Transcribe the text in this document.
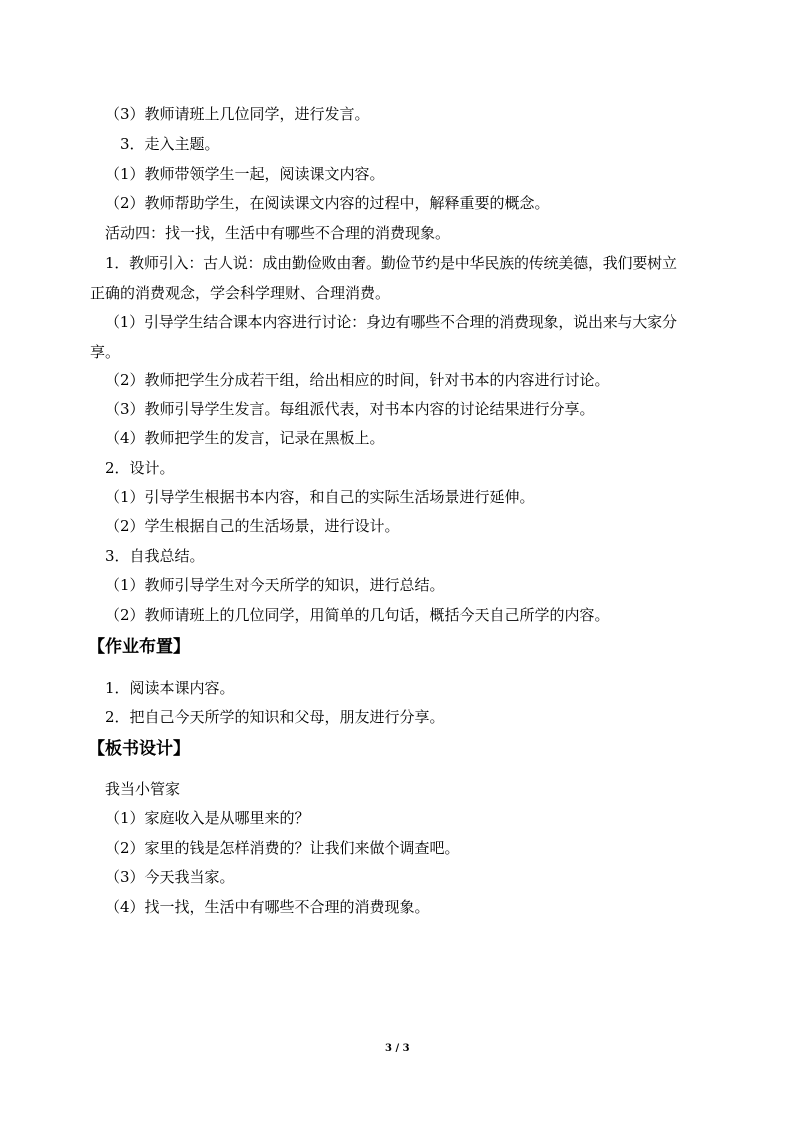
（3）教师请班上几位同学，进行发言。

3．走入主题。

（1）教师带领学生一起，阅读课文内容。

（2）教师帮助学生，在阅读课文内容的过程中，解释重要的概念。

活动四：找一找，生活中有哪些不合理的消费现象。

1．教师引入：古人说：成由勤俭败由奢。勤俭节约是中华民族的传统美德，我们要树立

正确的消费观念，学会科学理财、合理消费。

（1）引导学生结合课本内容进行讨论：身边有哪些不合理的消费现象，说出来与大家分

享。

（2）教师把学生分成若干组，给出相应的时间，针对书本的内容进行讨论。

（3）教师引导学生发言。每组派代表，对书本内容的讨论结果进行分享。

（4）教师把学生的发言，记录在黑板上。

2．设计。

（1）引导学生根据书本内容，和自己的实际生活场景进行延伸。

（2）学生根据自己的生活场景，进行设计。

3．自我总结。

（1）教师引导学生对今天所学的知识，进行总结。

（2）教师请班上的几位同学，用简单的几句话，概括今天自己所学的内容。

【作业布置】

1．阅读本课内容。

2．把自己今天所学的知识和父母，朋友进行分享。

【板书设计】

我当小管家

（1）家庭收入是从哪里来的？

（2）家里的钱是怎样消费的？让我们来做个调查吧。

（3）今天我当家。

（4）找一找，生活中有哪些不合理的消费现象。

3 / 3
